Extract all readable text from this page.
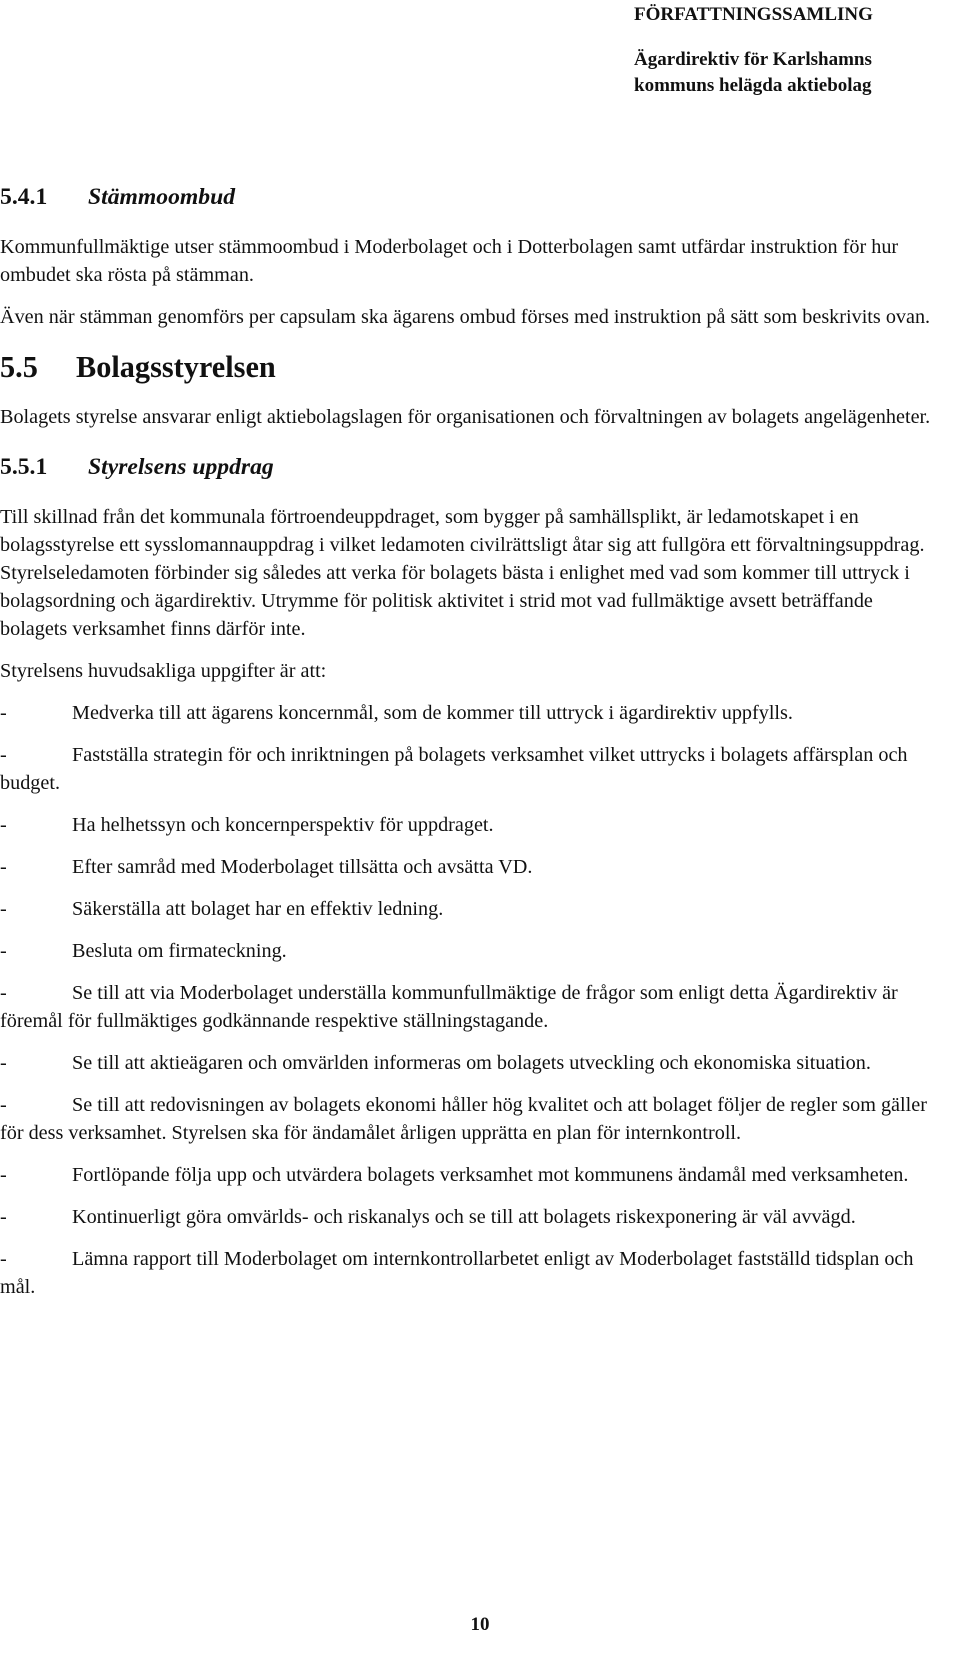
FÖRFATTNINGSSAMLING
Ägardirektiv för Karlshamns
kommuns helägda aktiebolag
5.4.1 Stämmoombud

Kommunfullmäktige utser stämmoombud i Moderbolaget och i Dotterbolagen samt utfärdar instruktion för hur ombudet ska rösta på stämman.

Även när stämman genomförs per capsulam ska ägarens ombud förses med instruktion på sätt som beskrivits ovan.

5.5 Bolagsstyrelsen

Bolagets styrelse ansvarar enligt aktiebolagslagen för organisationen och förvaltningen av bolagets angelägenheter.

5.5.1 Styrelsens uppdrag

Till skillnad från det kommunala förtroendeuppdraget, som bygger på samhällsplikt, är ledamotskapet i en bolagsstyrelse ett sysslomannauppdrag i vilket ledamoten civilrättsligt åtar sig att fullgöra ett förvaltningsuppdrag. Styrelseledamoten förbinder sig således att verka för bolagets bästa i enlighet med vad som kommer till uttryck i bolagsordning och ägardirektiv. Utrymme för politisk aktivitet i strid mot vad fullmäktige avsett beträffande bolagets verksamhet finns därför inte.

Styrelsens huvudsakliga uppgifter är att:

-	Medverka till att ägarens koncernmål, som de kommer till uttryck i ägardirektiv uppfylls.

-	Fastställa strategin för och inriktningen på bolagets verksamhet vilket uttrycks i bolagets affärsplan och budget.

-	Ha helhetssyn och koncernperspektiv för uppdraget.

-	Efter samråd med Moderbolaget tillsätta och avsätta VD.

-	Säkerställa att bolaget har en effektiv ledning.

-	Besluta om firmateckning.

-	Se till att via Moderbolaget underställa kommunfullmäktige de frågor som enligt detta Ägardirektiv är föremål för fullmäktiges godkännande respektive ställningstagande.

-	Se till att aktieägaren och omvärlden informeras om bolagets utveckling och ekonomiska situation.

-	Se till att redovisningen av bolagets ekonomi håller hög kvalitet och att bolaget följer de regler som gäller för dess verksamhet. Styrelsen ska för ändamålet årligen upprätta en plan för internkontroll.

-	Fortlöpande följa upp och utvärdera bolagets verksamhet mot kommunens ändamål med verksamheten.

-	Kontinuerligt göra omvärlds- och riskanalys och se till att bolagets riskexponering är väl avvägd.

-	Lämna rapport till Moderbolaget om internkontrollarbetet enligt av Moderbolaget fastställd tidsplan och mål.

10
